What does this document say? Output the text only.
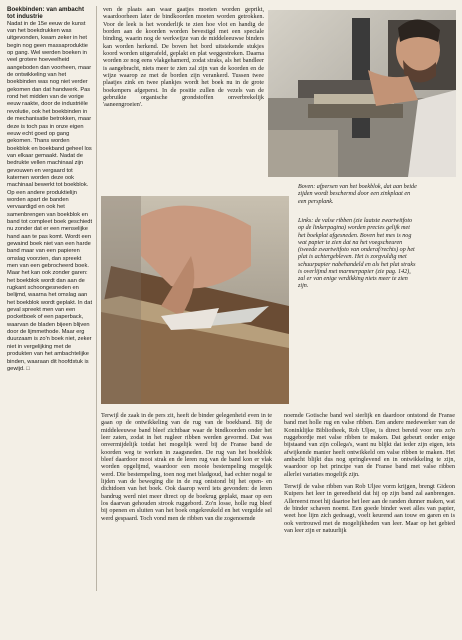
Boekbinden: van ambacht tot industrie

Nadat in de 15e eeuw de kunst van het boekdrukken was uitgevonden, kwam zeker in het begin nog geen massaproduktie op gang. Wel werden boeken in veel grotere hoeveelheid aangeboden dan voorheen, maar de ontwikkeling van het boekbinden was nog niet verder gekomen dan dat handwerk. Pas rond het midden van de vorige eeuw raakte, door de industriële revolutie, ook het boekbinden in de mechanisatie betrokken, maar deze is toch pas in onze eigen eeuw echt goed op gang gekomen. Thans worden boekblok en boekband geheel los van elkaar gemaakt. Nadat de bedrukte vellen machinaal zijn gevouwen en vergaard tot katernen worden deze ook machinaal bewerkt tot boekblok. Op een andere produktielijn worden apart de banden vervaardigd en ook het samenbrengen van boekblok en band tot compleet boek geschiedt nu zonder dat er een menselijke hand aan te pas komt. Wordt een gewaind boek niet van een harde band maar van een papieren omslag voorzien, dan spreekt men van een gebrocheerd boek. Maar het kan ook zonder garen: het boekblok wordt dan aan de rugkant schoongesneden en belijmd, waarna het omslag aan het boekblok wordt geplakt. In dat geval spreekt men van een pocketboek of een paperback, waarvan de bladen bijeen blijven door de lijmmethode. Maar erg duurzaam is zo'n boek niet, zeker niet in vergelijking met de produkten van het ambachtelijke binden, waaraan dit hoofdstuk is gewijd. □

ven de plaats aan waar gaatjes moeten worden geprikt, waardoorheen later de bindkoorden moeten worden getrokken. Voor de leek is het wonderlijk te zien hoe vlot en handig de borden aan de koorden worden bevestigd met een speciale binding, waarin nog de werkwijze van de middeleeuwse binders kan worden herkend. De boven het bord uitstekende stukjes koord worden uitgerafeld, geplakt en plat weggestreken. Daarna worden ze nog eens vlakgehamerd, zodat straks, als het bandleer is aangebracht, niets meer te zien zal zijn van de koorden en de wijze waarop ze met de borden zijn verankerd. Tussen twee plaatjes zink en twee plankjes wordt het boek nu in de grote boekenpers afgeperst. In de positie zullen de vezels van de gebruikte organische grondstoffen onverbrekelijk 'aaneengroeien'.

Boven: afpersen van het boekblok, dat aan beide zijden wordt beschermd door een zinkplaat en een persplank.

Links: de valse ribben (zie laatste zwartwitfoto op de linkerpagina) worden precies gelijk met het boekplat afgesneden. Boven het mes is nog wat papier te zien dat na het voegscheuren (tweede zwartwitfoto van onderaf/rechts) op het plat is achtergebleven. Het is zorgvuldig met schuurpapier nabehandeld en als het plat straks is overlijmd met marmerpapier (zie pag. 142), zal er van enige verdikking niets meer te zien zijn.

Terwijl de zaak in de pers zit, heeft de binder gelegenheid even in te gaan op de ontwikkeling van de rug van de boekband. Bij de middeleeuwse band bleef zichtbaar waar de bindkoorden onder het leer zaten, zodat in het rugleer ribben werden gevormd. Dat was onvermijdelijk totdat het mogelijk werd bij de Franse band de koorden weg te werken in zaagsneden. De rug van het boekblok bleef daardoor mooi strak en de leren rug van de band kon er vlak worden opgelijmd, waardoor een mooie bestempeling mogelijk werd. Die bestempeling, toen nog met bladgoud, had echter nogal te lijden van de beweging die in de rug ontstond bij het open- en dichtdoen van het boek. Ook daarop werd iets gevonden: de leren bandrug werd niet meer direct op de boekrug geplakt, maar op een los daarvan gehouden strook ruggebord. Zo'n losse, holle rug bleef bij openen en sluiten van het boek ongekreukeld en het vergulde sel werd gespaard. Toch vond men de ribben van die zogenoemde

noemde Gotische band wel sierlijk en daardoor ontstond de Franse band met holle rug en valse ribben. Een andere medewerker van de Koninklijke Bibliotheek, Rob Uljee, is direct bereid voor ons zo'n ruggebordje met valse ribben te maken. Dat gebeurt onder enige bijstaand van zijn collega's, want nu blijkt dat ieder zijn eigen, iets afwijkende manier heeft ontwikkeld om valse ribben te maken. Het ambacht blijkt dus nog springlevend en in ontwikkeling te zijn, waardoor op het principe van de Franse band met valse ribben allerlei variaties mogelijk zijn.

Terwijl de valse ribben van Rob Uljee vorm krijgen, brengt Gideon Kuipers het leer in gereedheid dat hij op zijn band zal aanbrengen. Allereerst moet hij daartoe het leer aan de randen dunner maken, wat de binder schaven noemt. Een goede binder weet alles van papier, weet hoe lijm zich gedraagt, voelt keurend aan touw en garen en is ook vertrouwd met de mogelijkheden van leer. Maar op het gebied van leer zijn er natuurlijk
